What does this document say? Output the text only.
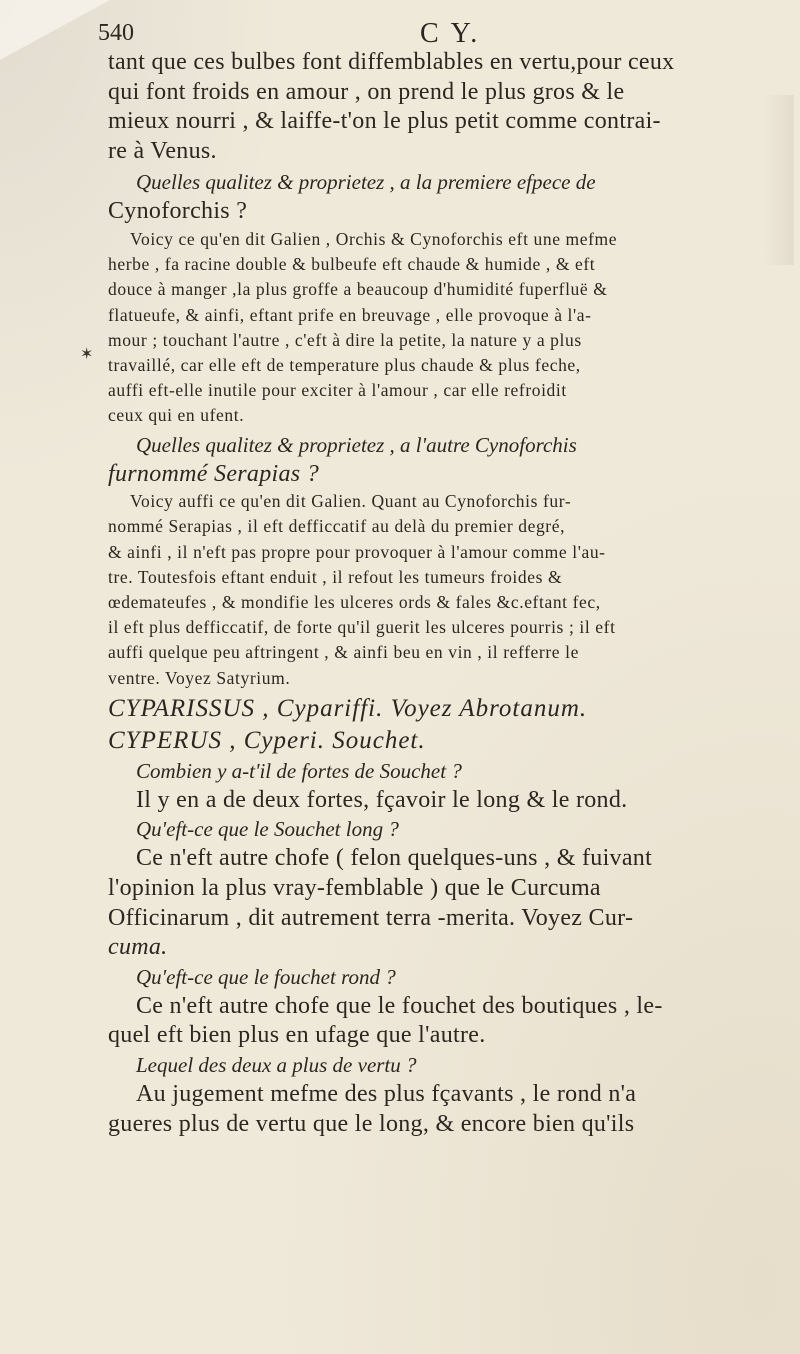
540	C Y.
✶
tant que ces bulbes font diffemblables en vertu,pour ceux
qui font froids en amour , on prend le plus gros & le
mieux nourri , & laiffe-t'on le plus petit comme contrai-
re à Venus.
Quelles qualitez & proprietez , a la premiere efpece de
Cynoforchis ?
Voicy ce qu'en dit Galien , Orchis & Cynoforchis eft une mefme
herbe , fa racine double & bulbeufe eft chaude & humide , & eft
douce à manger ,la plus groffe a beaucoup d'humidité fuperfluë &
flatueufe, & ainfi, eftant prife en breuvage , elle provoque à l'a-
mour ; touchant l'autre , c'eft à dire la petite, la nature y a plus
travaillé, car elle eft de temperature plus chaude & plus feche,
auffi eft-elle inutile pour exciter à l'amour , car elle refroidit
ceux qui en ufent.
Quelles qualitez & proprietez , a l'autre Cynoforchis
furnommé Serapias ?
Voicy auffi ce qu'en dit Galien. Quant au Cynoforchis fur-
nommé Serapias , il eft defficcatif au delà du premier degré,
& ainfi , il n'eft pas propre pour provoquer à l'amour comme l'au-
tre. Toutesfois eftant enduit , il refout les tumeurs froides &
œdemateufes , & mondifie les ulceres ords & fales &c.eftant fec,
il eft plus defficcatif, de forte qu'il guerit les ulceres pourris ; il eft
auffi quelque peu aftringent , & ainfi beu en vin , il refferre le
ventre. Voyez Satyrium.
CYPARISSUS , Cypariffi. Voyez Abrotanum.
CYPERUS , Cyperi. Souchet.
Combien y a-t'il de fortes de Souchet ?
Il y en a de deux fortes, fçavoir le long & le rond.
Qu'eft-ce que le Souchet long ?
Ce n'eft autre chofe ( felon quelques-uns , & fuivant
l'opinion la plus vray-femblable ) que le Curcuma
Officinarum , dit autrement terra -merita. Voyez Cur-
cuma.
Qu'eft-ce que le fouchet rond ?
Ce n'eft autre chofe que le fouchet des boutiques , le-
quel eft bien plus en ufage que l'autre.
Lequel des deux a plus de vertu ?
Au jugement mefme des plus fçavants , le rond n'a
gueres plus de vertu que le long, & encore bien qu'ils
